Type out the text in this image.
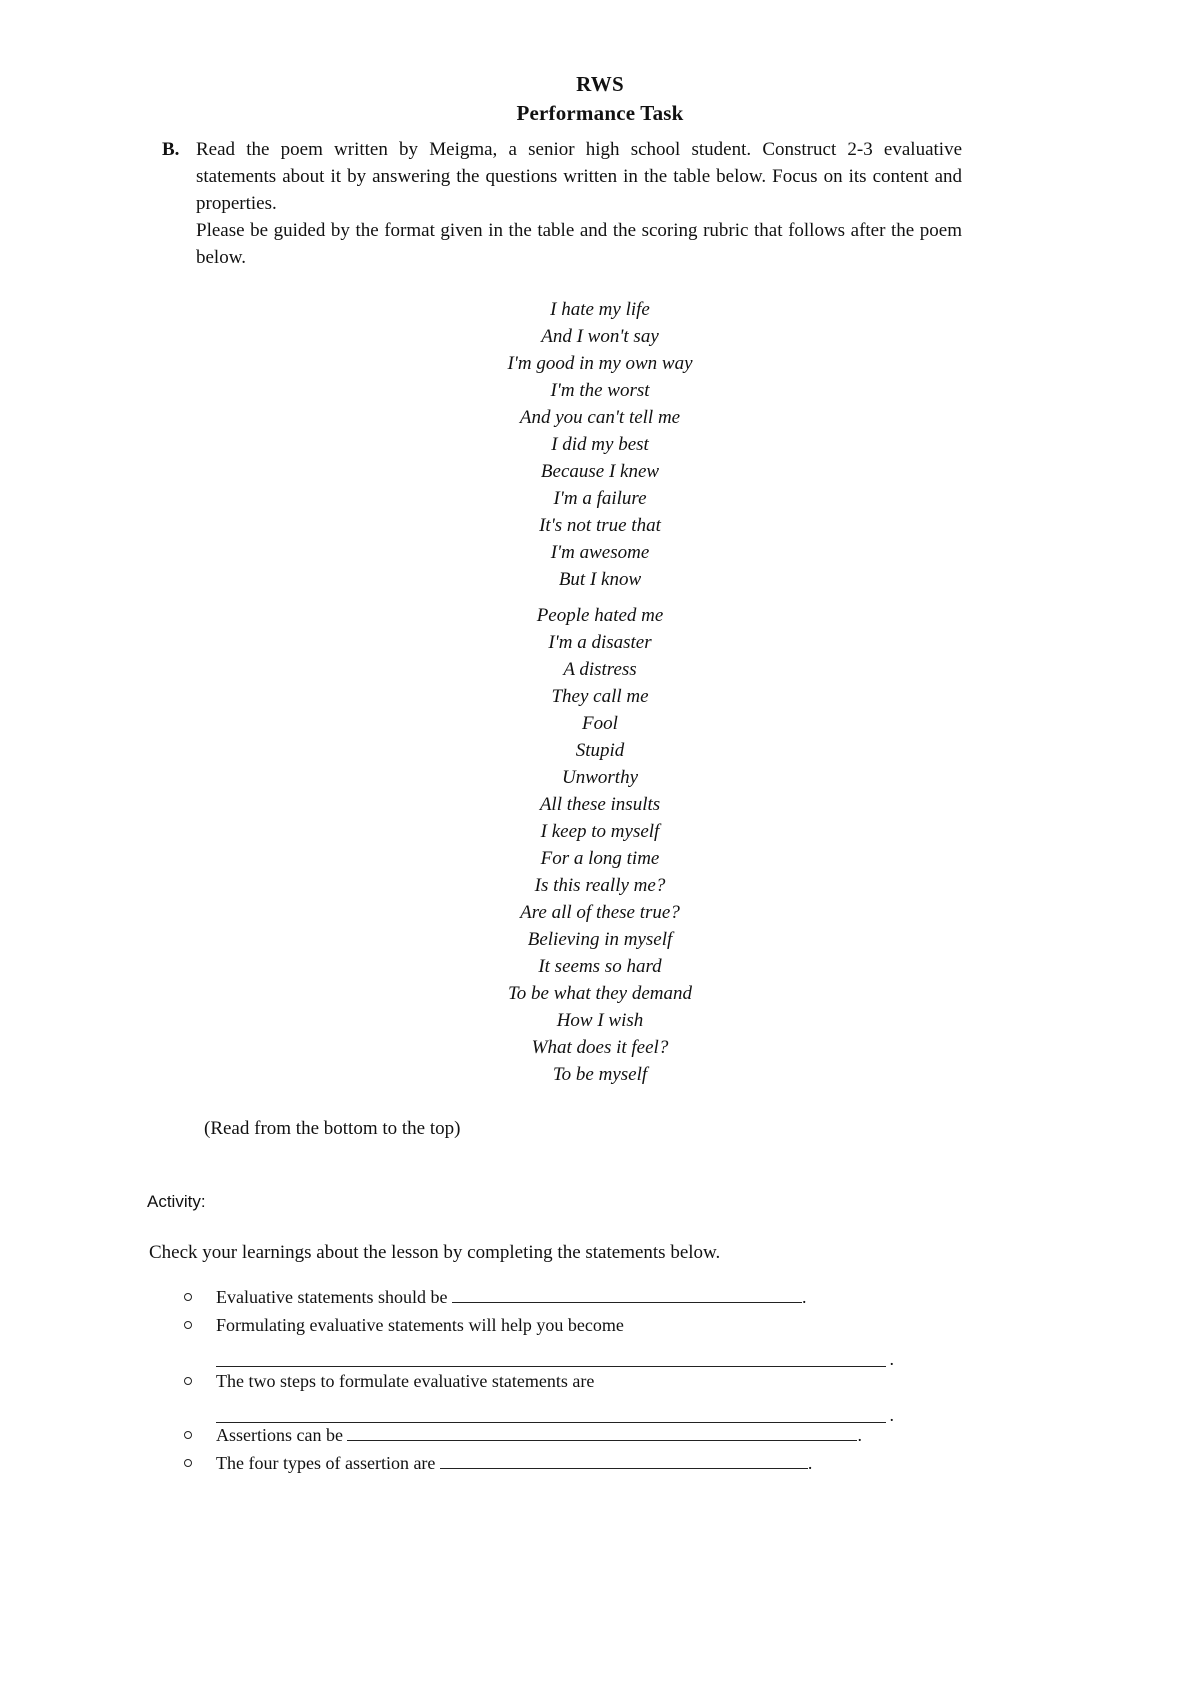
RWS
Performance Task
B. Read the poem written by Meigma, a senior high school student. Construct 2-3 evaluative statements about it by answering the questions written in the table below. Focus on its content and properties.

Please be guided by the format given in the table and the scoring rubric that follows after the poem below.

I hate my life
And I won't say
I'm good in my own way
I'm the worst
And you can't tell me
I did my best
Because I knew
I'm a failure
It's not true that
I'm awesome
But I know
People hated me
I'm a disaster
A distress
They call me
Fool
Stupid
Unworthy
All these insults
I keep to myself
For a long time
Is this really me?
Are all of these true?
Believing in myself
It seems so hard
To be what they demand
How I wish
What does it feel?
To be myself
(Read from the bottom to the top)
Activity:
Check your learnings about the lesson by completing the statements below.
Evaluative statements should be	.
Formulating evaluative statements will help you become
.
The two steps to formulate evaluative statements are
.
Assertions can be	.
The four types of assertion are	.
